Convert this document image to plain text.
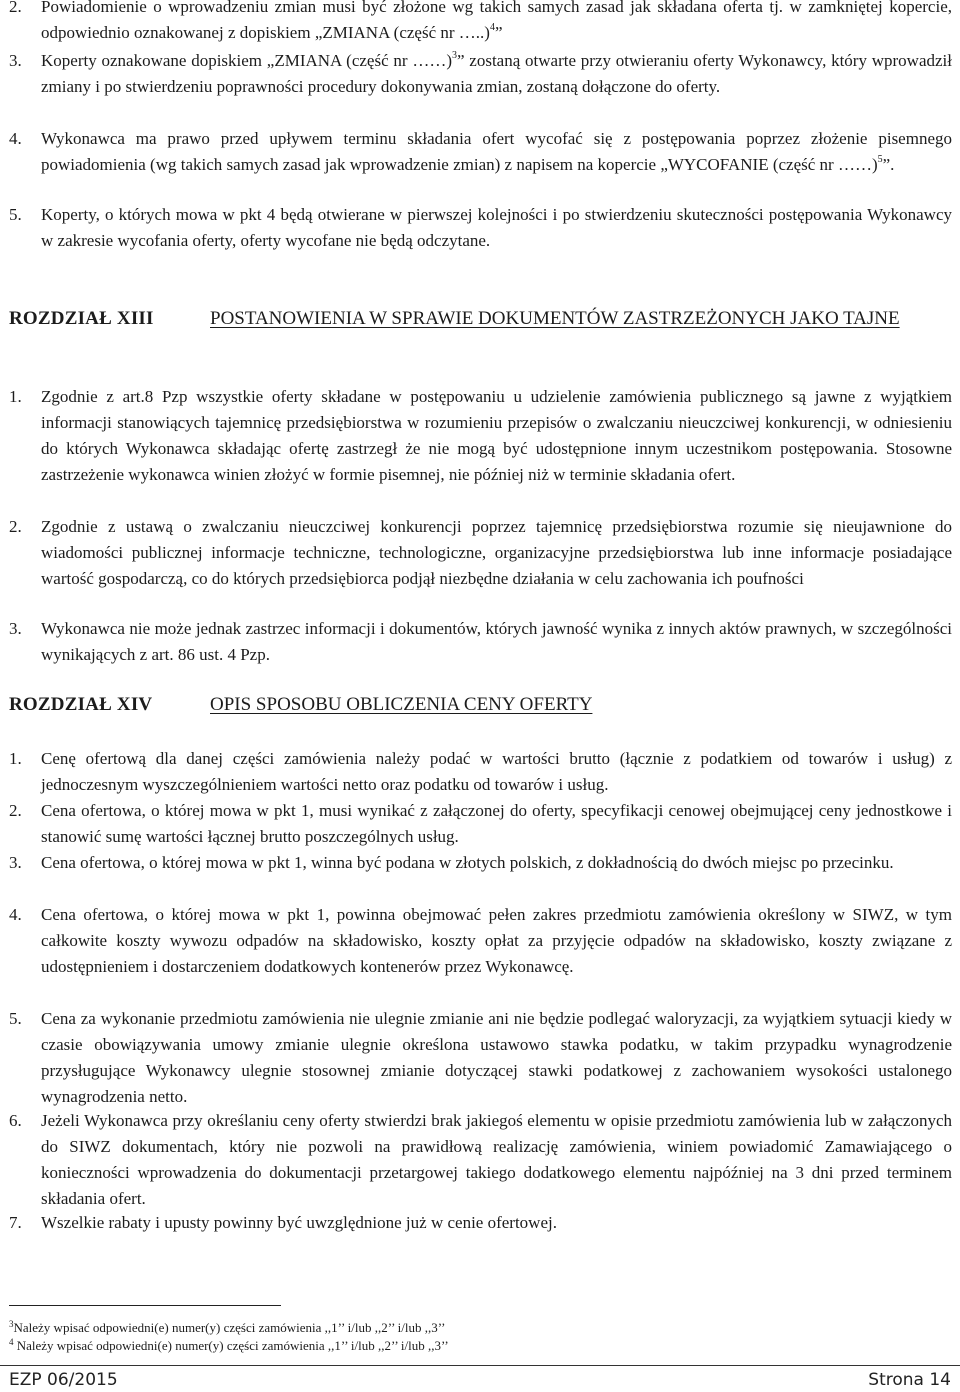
2. Powiadomienie o wprowadzeniu zmian musi być złożone wg takich samych zasad jak składana oferta tj. w zamkniętej kopercie, odpowiednio oznakowanej z dopiskiem „ZMIANA (część nr …..)$^4$”
3. Koperty oznakowane dopiskiem „ZMIANA (część nr ……)$^3$” zostaną otwarte przy otwieraniu oferty Wykonawcy, który wprowadził zmiany i po stwierdzeniu poprawności procedury dokonywania zmian, zostaną dołączone do oferty.
4. Wykonawca ma prawo przed upływem terminu składania ofert wycofać się z postępowania poprzez złożenie pisemnego powiadomienia (wg takich samych zasad jak wprowadzenie zmian) z napisem na kopercie „WYCOFANIE (część nr ……)$^5$”.
5. Koperty, o których mowa w pkt 4 będą otwierane w pierwszej kolejności i po stwierdzeniu skuteczności postępowania Wykonawcy w zakresie wycofania oferty, oferty wycofane nie będą odczytane.
ROZDZIAŁ XIII	POSTANOWIENIA W SPRAWIE DOKUMENTÓW ZASTRZEŻONYCH JAKO TAJNE
1. Zgodnie z art.8 Pzp wszystkie oferty składane w postępowaniu u udzielenie zamówienia publicznego są jawne z wyjątkiem informacji stanowiących tajemnicę przedsiębiorstwa w rozumieniu przepisów o zwalczaniu nieuczciwej konkurencji, w odniesieniu do których Wykonawca składając ofertę zastrzegł że nie mogą być udostępnione innym uczestnikom postępowania. Stosowne zastrzeżenie wykonawca winien złożyć w formie pisemnej, nie później niż w terminie składania ofert.
2. Zgodnie z ustawą o zwalczaniu nieuczciwej konkurencji poprzez tajemnicę przedsiębiorstwa rozumie się nieujawnione do wiadomości publicznej informacje techniczne, technologiczne, organizacyjne przedsiębiorstwa lub inne informacje posiadające wartość gospodarczą, co do których przedsiębiorca podjął niezbędne działania w celu zachowania ich poufności
3. Wykonawca nie może jednak zastrzec informacji i dokumentów, których jawność wynika z innych aktów prawnych, w szczególności wynikających z art. 86 ust. 4 Pzp.
ROZDZIAŁ XIV	OPIS SPOSOBU OBLICZENIA CENY OFERTY
1. Cenę ofertową dla danej części zamówienia należy podać w wartości brutto (łącznie z podatkiem od towarów i usług) z jednoczesnym wyszczególnieniem wartości netto oraz podatku od towarów i usług.
2. Cena ofertowa, o której mowa w pkt 1, musi wynikać z załączonej do oferty, specyfikacji cenowej obejmującej ceny jednostkowe i stanowić sumę wartości łącznej brutto poszczególnych usług.
3. Cena ofertowa, o której mowa w pkt 1, winna być podana w złotych polskich, z dokładnością do dwóch miejsc po przecinku.
4. Cena ofertowa, o której mowa w pkt 1, powinna obejmować pełen zakres przedmiotu zamówienia określony w SIWZ, w tym całkowite koszty wywozu odpadów na składowisko, koszty opłat za przyjęcie odpadów na składowisko, koszty związane z udostępnieniem i dostarczeniem dodatkowych kontenerów przez Wykonawcę.
5. Cena za wykonanie przedmiotu zamówienia nie ulegnie zmianie ani nie będzie podlegać waloryzacji, za wyjątkiem sytuacji kiedy w czasie obowiązywania umowy zmianie ulegnie określona ustawowo stawka podatku, w takim przypadku wynagrodzenie przysługujące Wykonawcy ulegnie stosownej zmianie dotyczącej stawki podatkowej z zachowaniem wysokości ustalonego wynagrodzenia netto.
6. Jeżeli Wykonawca przy określaniu ceny oferty stwierdzi brak jakiegoś elementu w opisie przedmiotu zamówienia lub w załączonych do SIWZ dokumentach, który nie pozwoli na prawidłową realizację zamówienia, winiem powiadomić Zamawiającego o konieczności wprowadzenia do dokumentacji przetargowej takiego dodatkowego elementu najpóźniej na 3 dni przed terminem składania ofert.
7. Wszelkie rabaty i upusty powinny być uwzględnione już w cenie ofertowej.
$^3$Należy wpisać odpowiedni(e) numer(y) części zamówienia ,,1’’ i/lub ,,2’’ i/lub ,,3’’
$^4$ Należy wpisać odpowiedni(e) numer(y) części zamówienia ,,1’’ i/lub ,,2’’ i/lub ,,3’’
EZP 06/2015	Strona 14
